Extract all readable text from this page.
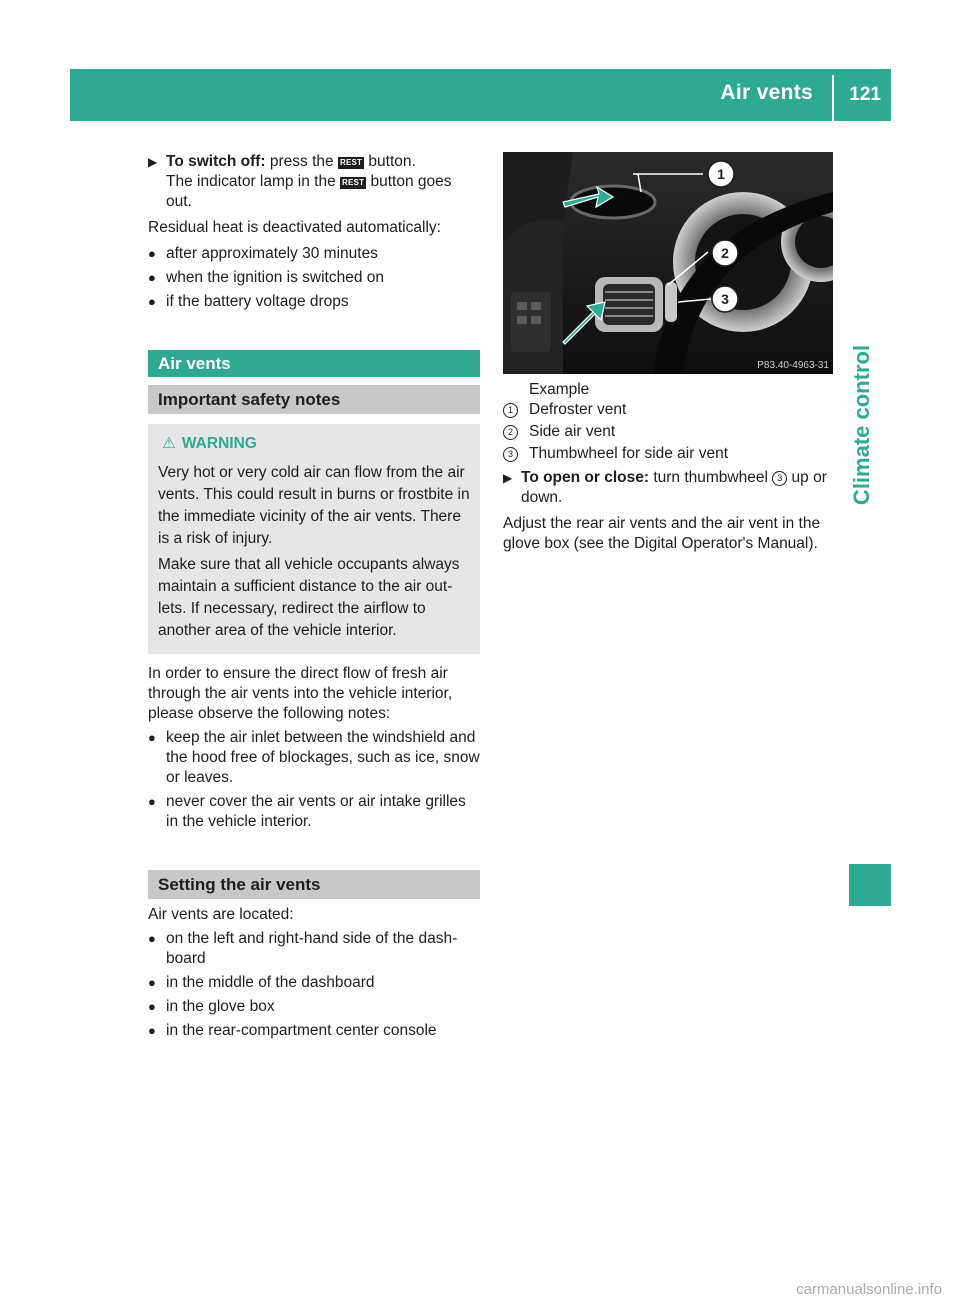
Air vents 121
Climate control
▶ To switch off: press the REST button.
The indicator lamp in the REST button goes out.

Residual heat is deactivated automatically:

● after approximately 30 minutes
● when the ignition is switched on
● if the battery voltage drops
Air vents
Important safety notes
⚠ WARNING

Very hot or very cold air can flow from the air vents. This could result in burns or frostbite in the immediate vicinity of the air vents. There is a risk of injury.

Make sure that all vehicle occupants always maintain a sufficient distance to the air out-lets. If necessary, redirect the airflow to another area of the vehicle interior.

In order to ensure the direct flow of fresh air through the air vents into the vehicle interior, please observe the following notes:

● keep the air inlet between the windshield and the hood free of blockages, such as ice, snow or leaves.
● never cover the air vents or air intake grilles in the vehicle interior.
Setting the air vents

Air vents are located:

● on the left and right-hand side of the dash-board
● in the middle of the dashboard
● in the glove box
● in the rear-compartment center console
1
2
3
P83.40-4963-31

Example

1	Defroster vent
2	Side air vent
3	Thumbwheel for side air vent
▶ To open or close: turn thumbwheel 3 up or down.

Adjust the rear air vents and the air vent in the glove box (see the Digital Operator's Manual).

carmanualsonline.info
